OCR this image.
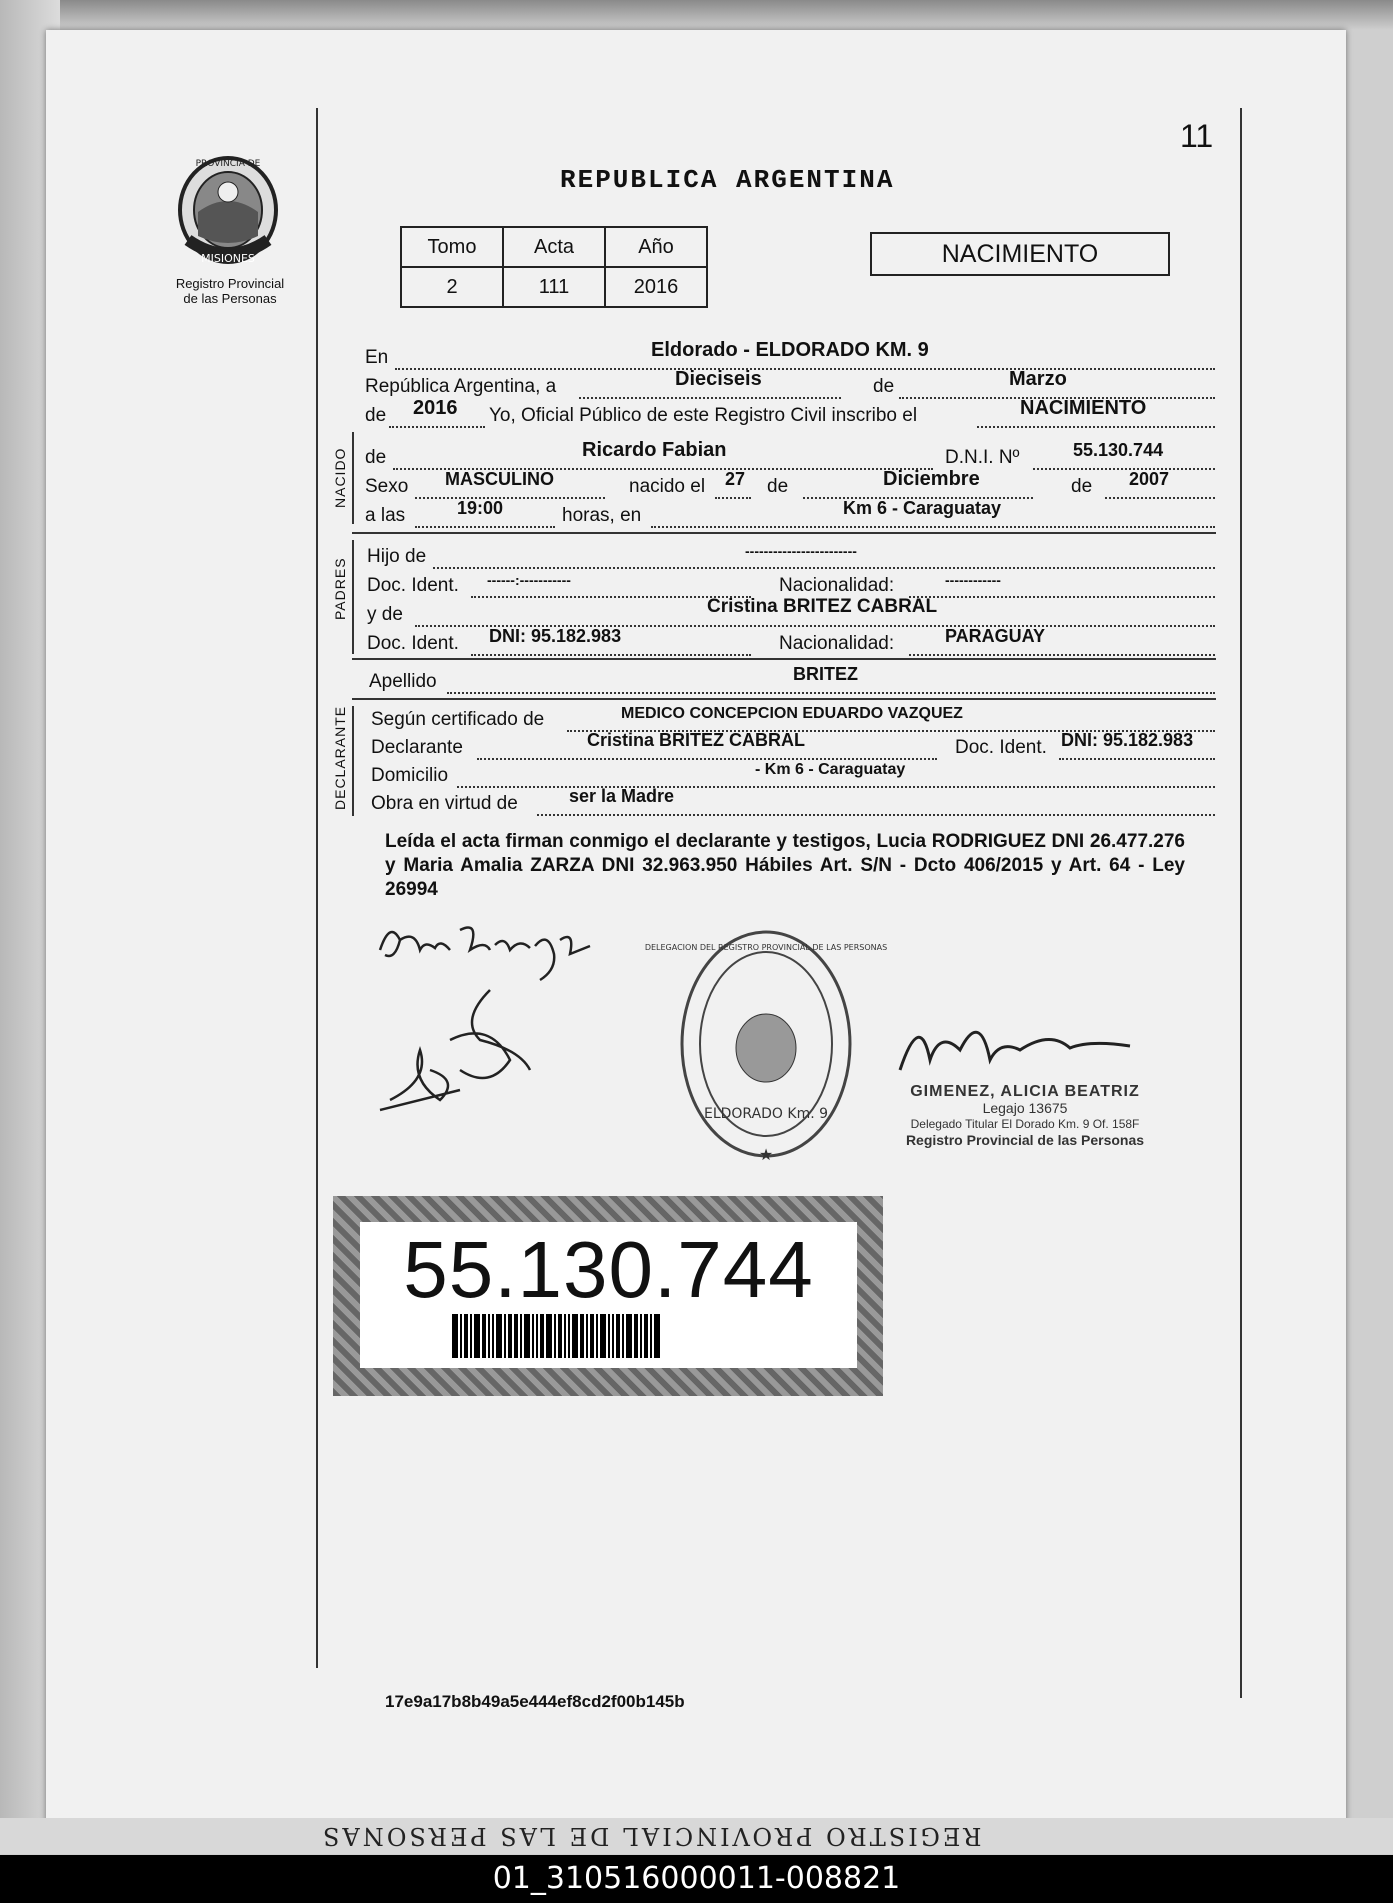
MISIONES
PROVINCIA DE
Registro Provincial
de las Personas
11
REPUBLICA ARGENTINA
Tomo	Acta	Año
2	111	2016
NACIMIENTO
En	Eldorado - ELDORADO KM. 9
República Argentina, a	Dieciseis	de	Marzo
de 2016 Yo, Oficial Público de este Registro Civil inscribo el	NACIMIENTO
NACIDO de	Ricardo Fabian	D.N.I. Nº	55.130.744
Sexo MASCULINO	nacido el 27 de	Diciembre	de 2007
a las	19:00	horas, en	Km 6 - Caraguatay
PADRES
Hijo de	------------------------
Doc. Ident. ------:-----------	Nacionalidad:	------------
y de	Cristina BRITEZ CABRAL
Doc. Ident. DNI: 95.182.983	Nacionalidad:	PARAGUAY
Apellido	BRITEZ
DECLARANTE Según certificado de	MEDICO CONCEPCION EDUARDO VAZQUEZ
Declarante	Cristina BRITEZ CABRAL	Doc. Ident. DNI: 95.182.983
Domicilio	- Km 6 - Caraguatay
Obra en virtud de	ser la Madre
Leída el acta firman conmigo el declarante y testigos, Lucia RODRIGUEZ DNI 26.477.276 y Maria Amalia ZARZA DNI 32.963.950 Hábiles Art. S/N - Dcto 406/2015 y Art. 64 - Ley 26994
ELDORADO Km. 9
DELEGACION DEL REGISTRO PROVINCIAL DE LAS PERSONAS
★
GIMENEZ, ALICIA BEATRIZ
Legajo 13675
Delegado Titular El Dorado Km. 9 Of. 158F
Registro Provincial de las Personas
55.130.744
17e9a17b8b49a5e444ef8cd2f00b145b
REGISTRO PROVINCIAL DE LAS PERSONAS
01_310516000011-008821
